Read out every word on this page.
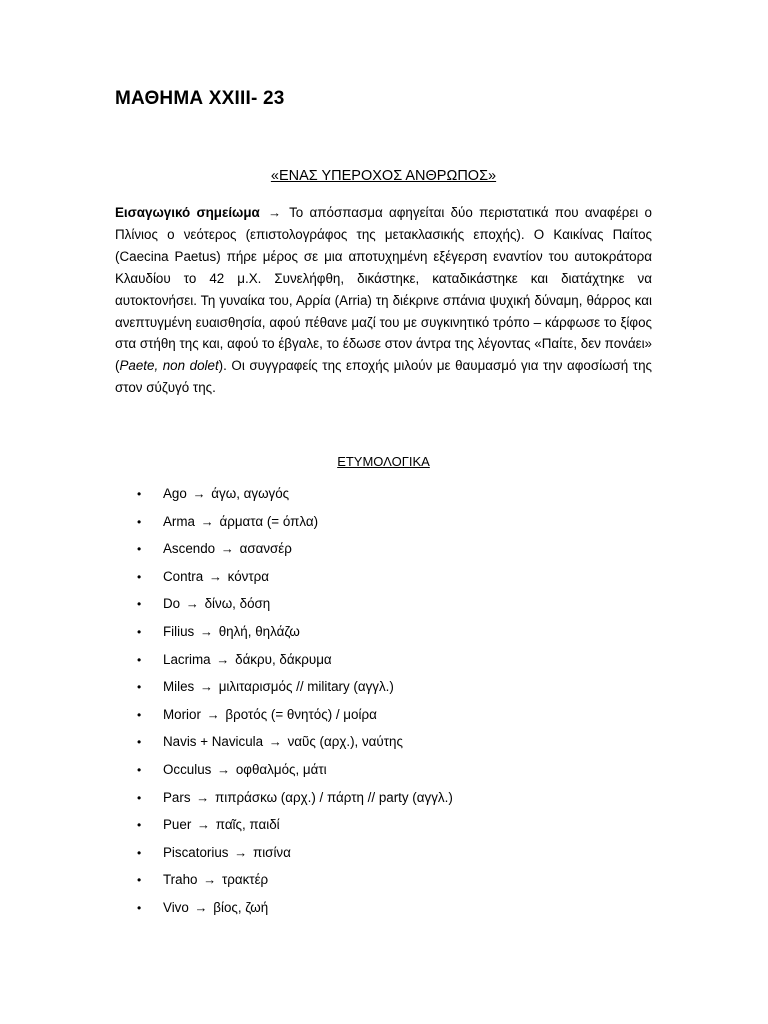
ΜΑΘΗΜΑ XXIII- 23
«ΕΝΑΣ ΥΠΕΡΟΧΟΣ ΑΝΘΡΩΠΟΣ»

Εισαγωγικό σημείωμα → Το απόσπασμα αφηγείται δύο περιστατικά που αναφέρει ο Πλίνιος ο νεότερος (επιστολογράφος της μετακλασικής εποχής). Ο Καικίνας Παίτος (Caecina Paetus) πήρε μέρος σε μια αποτυχημένη εξέγερση εναντίον του αυτοκράτορα Κλαυδίου το 42 μ.Χ. Συνελήφθη, δικάστηκε, καταδικάστηκε και διατάχτηκε να αυτοκτονήσει. Τη γυναίκα του, Αρρία (Arria) τη διέκρινε σπάνια ψυχική δύναμη, θάρρος και ανεπτυγμένη ευαισθησία, αφού πέθανε μαζί του με συγκινητικό τρόπο – κάρφωσε το ξίφος στα στήθη της και, αφού το έβγαλε, το έδωσε στον άντρα της λέγοντας «Παίτε, δεν πονάει» (Paete, non dolet). Οι συγγραφείς της εποχής μιλούν με θαυμασμό για την αφοσίωσή της στον σύζυγό της.

ΕΤΥΜΟΛΟΓΙΚΑ
• Ago → άγω, αγωγός
• Arma → άρματα (= όπλα)
• Ascendo → ασανσέρ
• Contra → κόντρα
• Do → δίνω, δόση
• Filius → θηλή, θηλάζω
• Lacrima → δάκρυ, δάκρυμα
• Miles → μιλιταρισμός // military (αγγλ.)
• Morior → βροτός (= θνητός) / μοίρα
• Navis + Navicula → ναῦς (αρχ.), ναύτης
• Occulus → οφθαλμός, μάτι
• Pars → πιπράσκω (αρχ.) / πάρτη // party (αγγλ.)
• Puer → παῖς, παιδί
• Piscatorius → πισίνα
• Traho → τρακτέρ
• Vivo → βίος, ζωή
